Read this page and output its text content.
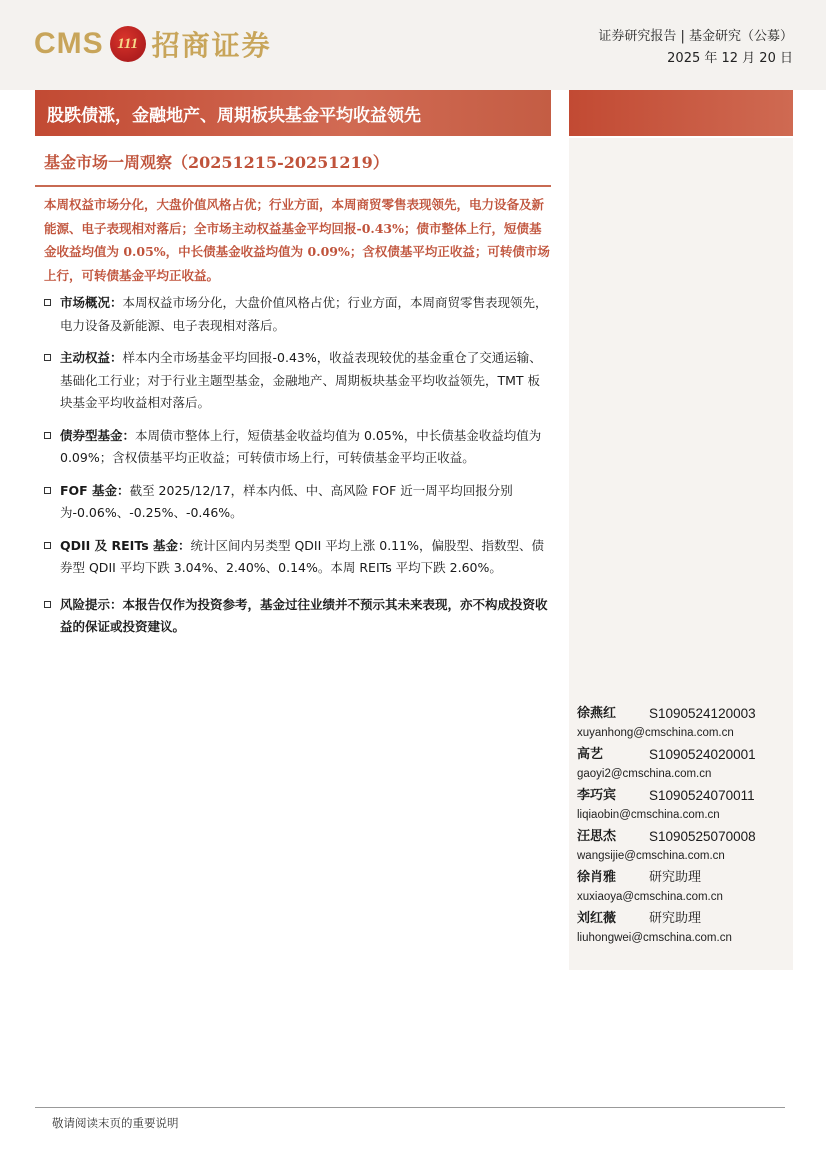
CMS 111 招商证券	证券研究报告 | 基金研究（公募）
2025 年 12 月 20 日
股跌债涨，金融地产、周期板块基金平均收益领先
基金市场一周观察（20251215-20251219）
本周权益市场分化，大盘价值风格占优；行业方面，本周商贸零售表现领先，电力设备及新能源、电子表现相对落后；全市场主动权益基金平均回报-0.43%；债市整体上行，短债基金收益均值为 0.05%，中长债基金收益均值为 0.09%；含权债基平均正收益；可转债市场上行，可转债基金平均正收益。
市场概况：本周权益市场分化，大盘价值风格占优；行业方面，本周商贸零售表现领先，电力设备及新能源、电子表现相对落后。
主动权益：样本内全市场基金平均回报-0.43%，收益表现较优的基金重仓了交通运输、基础化工行业；对于行业主题型基金，金融地产、周期板块基金平均收益领先，TMT 板块基金平均收益相对落后。
债券型基金：本周债市整体上行，短债基金收益均值为 0.05%，中长债基金收益均值为 0.09%；含权债基平均正收益；可转债市场上行，可转债基金平均正收益。
FOF 基金：截至 2025/12/17，样本内低、中、高风险 FOF 近一周平均回报分别为-0.06%、-0.25%、-0.46%。
QDII 及 REITs 基金：统计区间内另类型 QDII 平均上涨 0.11%，偏股型、指数型、债券型 QDII 平均下跌 3.04%、2.40%、0.14%。本周 REITs 平均下跌 2.60%。
风险提示：本报告仅作为投资参考，基金过往业绩并不预示其未来表现，亦不构成投资收益的保证或投资建议。
徐燕红	S1090524120003
xuyanhong@cmschina.com.cn
高艺	S1090524020001
gaoyi2@cmschina.com.cn
李巧宾	S1090524070011
liqiaobin@cmschina.com.cn
汪思杰	S1090525070008
wangsijie@cmschina.com.cn
徐肖雅	研究助理
xuxiaoya@cmschina.com.cn
刘红薇	研究助理
liuhongwei@cmschina.com.cn
敬请阅读末页的重要说明
